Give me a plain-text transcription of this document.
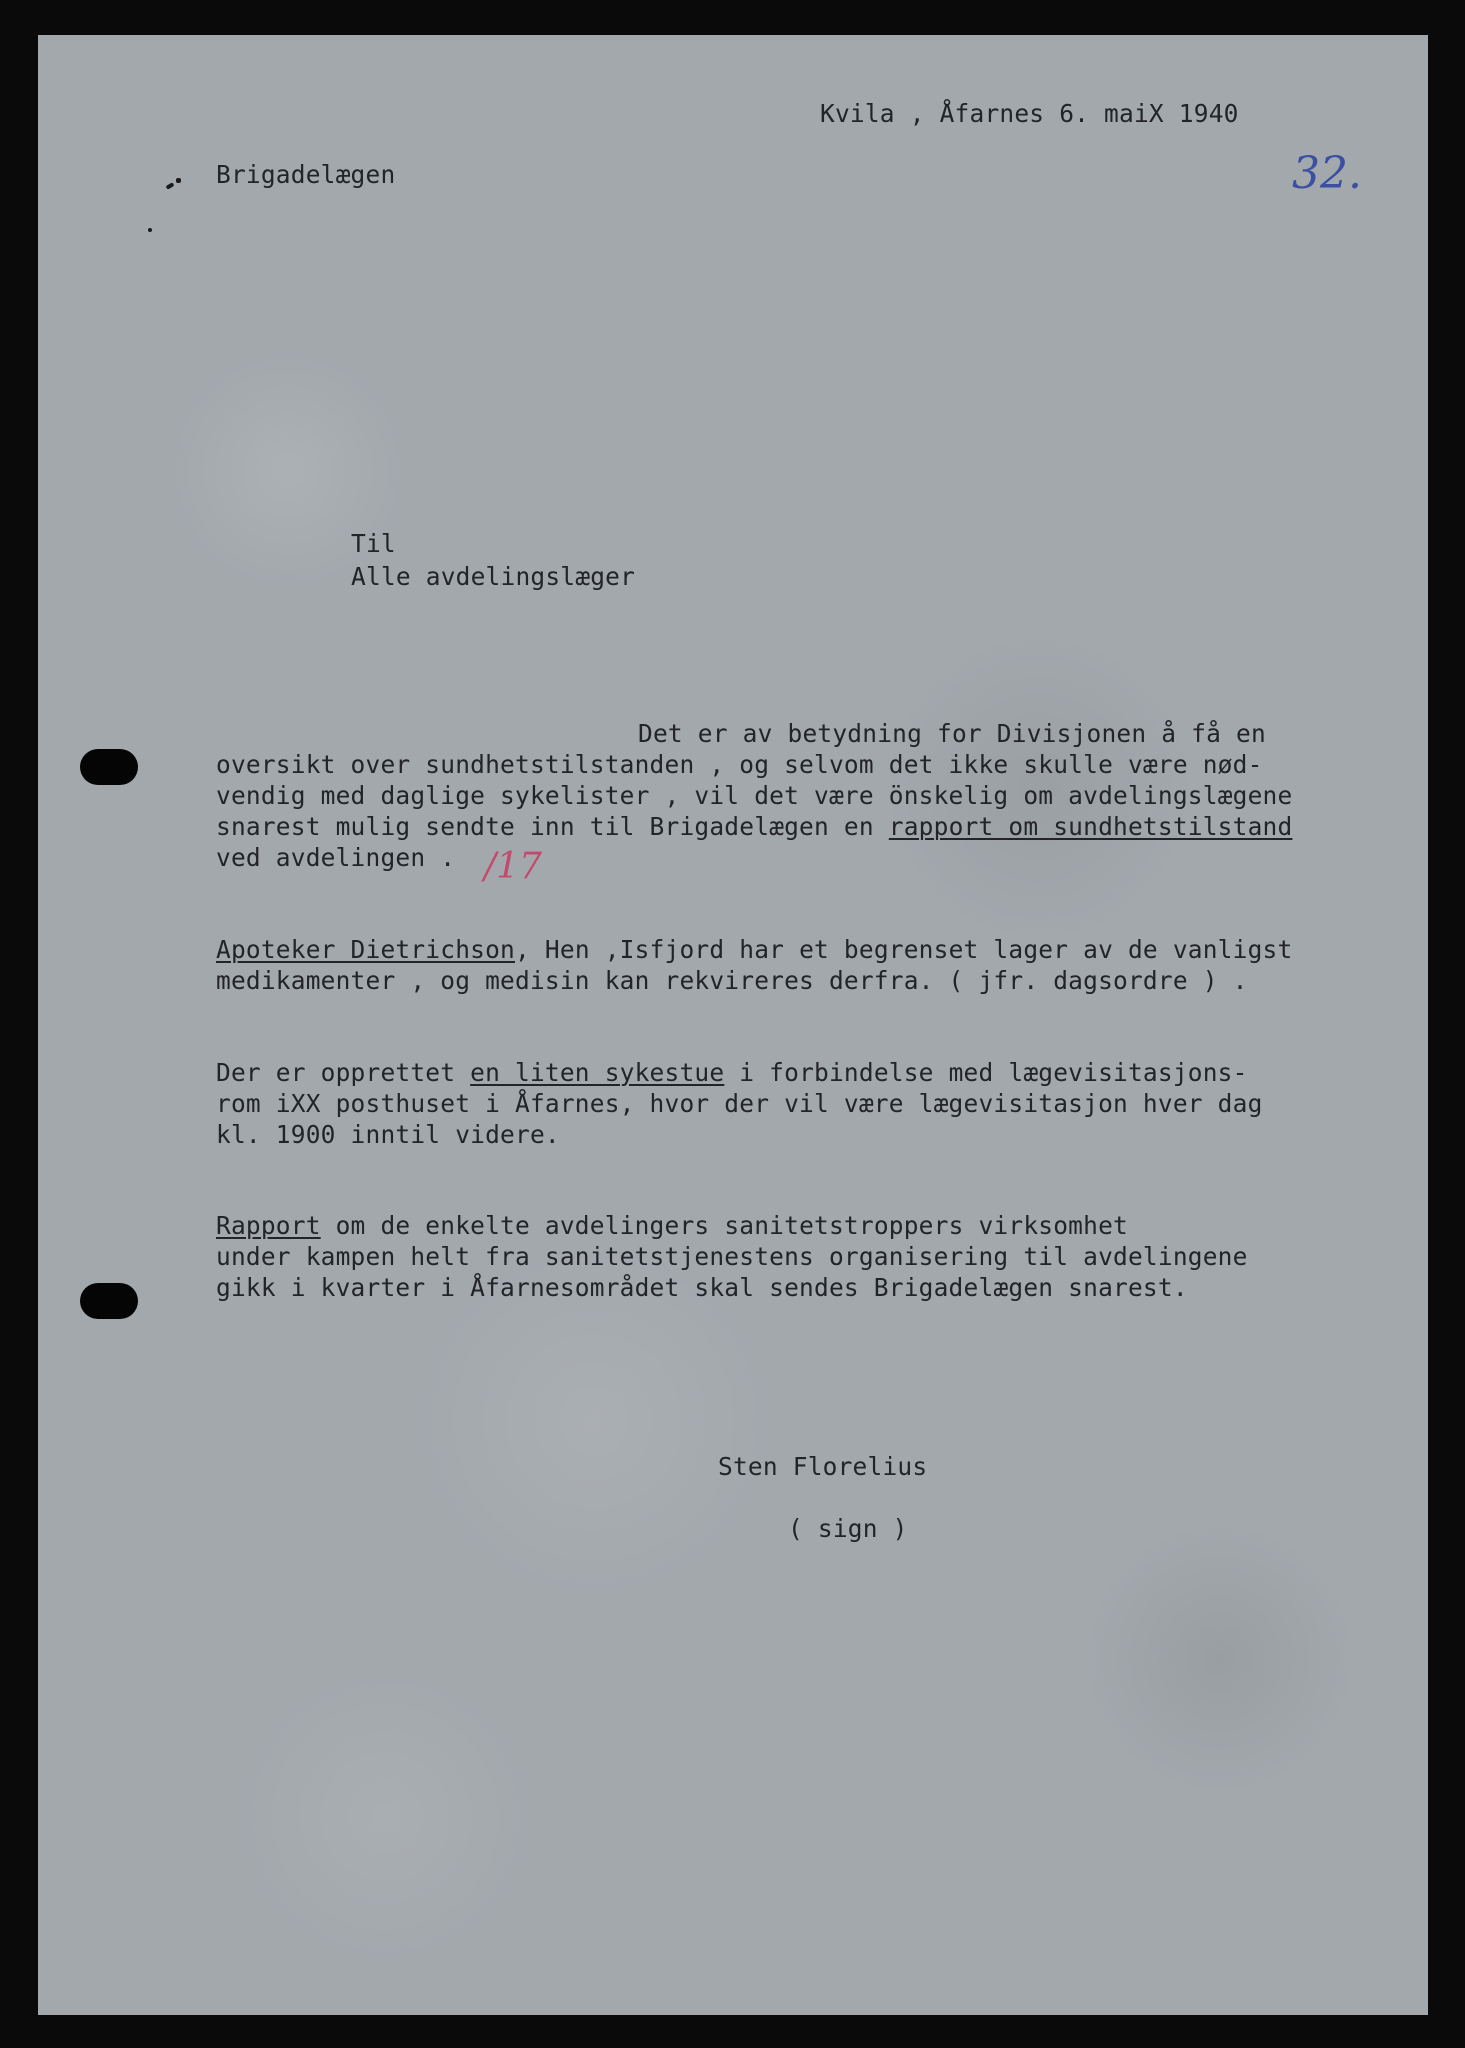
Kvila , Åfarnes 6. maiX 1940
Brigadelægen	32.
Til
Alle avdelingslæger
Det er av betydning for Divisjonen å få en
oversikt over sundhetstilstanden , og selvom det ikke skulle være nød-
vendig med daglige sykelister , vil det være önskelig om avdelingslægene
snarest mulig sendte inn til Brigadelægen en rapport om sundhetstilstand
ved avdelingen . /17
Apoteker Dietrichson, Hen ,Isfjord har et begrenset lager av de vanligst
medikamenter , og medisin kan rekvireres derfra. ( jfr. dagsordre ) .
Der er opprettet en liten sykestue i forbindelse med lægevisitasjons-
rom iXX posthuset i Åfarnes, hvor der vil være lægevisitasjon hver dag
kl. 1900 inntil videre.
Rapport om de enkelte avdelingers sanitetstroppers virksomhet
under kampen helt fra sanitetstjenestens organisering til avdelingene
gikk i kvarter i Åfarnesområdet skal sendes Brigadelægen snarest.
Sten Florelius
( sign )
